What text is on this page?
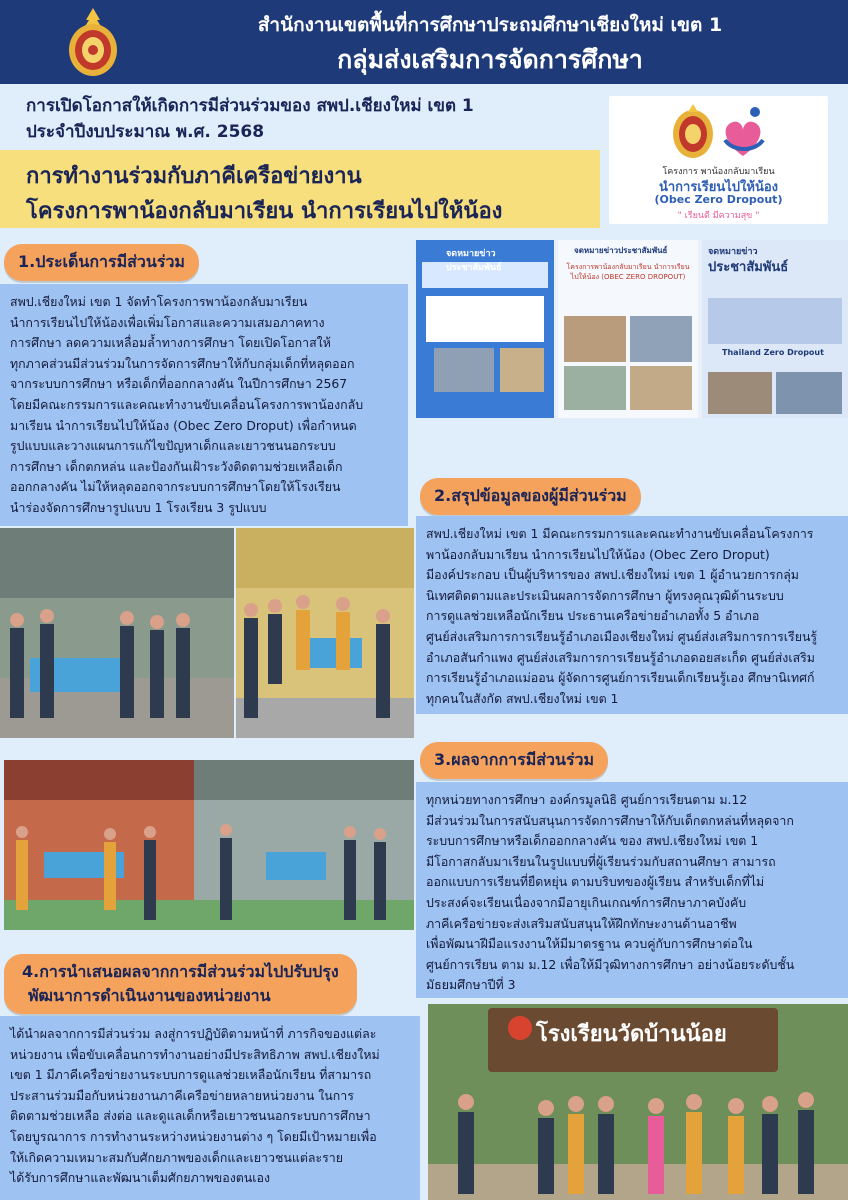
สำนักงานเขตพื้นที่การศึกษาประถมศึกษาเชียงใหม่ เขต 1
กลุ่มส่งเสริมการจัดการศึกษา
การเปิดโอกาสให้เกิดการมีส่วนร่วมของ สพป.เชียงใหม่ เขต 1
ประจำปีงบประมาณ พ.ศ. 2568
การทำงานร่วมกับภาคีเครือข่ายงาน
โครงการพาน้องกลับมาเรียน นำการเรียนไปให้น้อง
โครงการ พาน้องกลับมาเรียน
นำการเรียนไปให้น้อง
(Obec Zero Dropout)
" เรียนดี มีความสุข "
1.ประเด็นการมีส่วนร่วม

สพป.เชียงใหม่ เขต 1 จัดทำโครงการพาน้องกลับมาเรียน
นำการเรียนไปให้น้องเพื่อเพิ่มโอกาสและความเสมอภาคทาง
การศึกษา ลดความเหลื่อมล้ำทางการศึกษา โดยเปิดโอกาสให้
ทุกภาคส่วนมีส่วนร่วมในการจัดการศึกษาให้กับกลุ่มเด็กที่หลุดออก
จากระบบการศึกษา หรือเด็กที่ออกกลางคัน ในปีการศึกษา 2567
โดยมีคณะกรรมการและคณะทำงานขับเคลื่อนโครงการพาน้องกลับ
มาเรียน นำการเรียนไปให้น้อง (Obec Zero Droput) เพื่อกำหนด
รูปแบบและวางแผนการแก้ไขปัญหาเด็กและเยาวชนนอกระบบ
การศึกษา เด็กตกหล่น และป้องกันเฝ้าระวังติดตามช่วยเหลือเด็ก
ออกกลางคัน ไม่ให้หลุดออกจากระบบการศึกษาโดยให้โรงเรียน
นำร่องจัดการศึกษารูปแบบ 1 โรงเรียน 3 รูปแบบ

จดหมายข่าวประชาสัมพันธ์
จดหมายข่าวประชาสัมพันธ์
โครงการพาน้องกลับมาเรียน นำการเรียนไปให้น้อง (OBEC ZERO DROPOUT)
จดหมายข่าว
ประชาสัมพันธ์
Thailand Zero Dropout
2.สรุปข้อมูลของผู้มีส่วนร่วม

สพป.เชียงใหม่ เขต 1 มีคณะกรรมการและคณะทำงานขับเคลื่อนโครงการ
พาน้องกลับมาเรียน นำการเรียนไปให้น้อง (Obec Zero Droput)
มีองค์ประกอบ เป็นผู้บริหารของ สพป.เชียงใหม่ เขต 1 ผู้อำนวยการกลุ่ม
นิเทศติดตามและประเมินผลการจัดการศึกษา ผู้ทรงคุณวุฒิด้านระบบ
การดูแลช่วยเหลือนักเรียน ประธานเครือข่ายอำเภอทั้ง 5 อำเภอ
ศูนย์ส่งเสริมการการเรียนรู้อำเภอเมืองเชียงใหม่ ศูนย์ส่งเสริมการการเรียนรู้
อำเภอสันกำแพง ศูนย์ส่งเสริมการการเรียนรู้อำเภอดอยสะเก็ด ศูนย์ส่งเสริม
การเรียนรู้อำเภอแม่ออน ผู้จัดการศูนย์การเรียนเด็กเรียนรู้เอง ศึกษานิเทศก์
ทุกคนในสังกัด สพป.เชียงใหม่ เขต 1

3.ผลจากการมีส่วนร่วม

ทุกหน่วยทางการศึกษา องค์กรมูลนิธิ ศูนย์การเรียนตาม ม.12
มีส่วนร่วมในการสนับสนุนการจัดการศึกษาให้กับเด็กตกหล่นที่หลุดจาก
ระบบการศึกษาหรือเด็กออกกลางคัน ของ สพป.เชียงใหม่ เขต 1
มีโอกาสกลับมาเรียนในรูปแบบที่ผู้เรียนร่วมกับสถานศึกษา สามารถ
ออกแบบการเรียนที่ยืดหยุ่น ตามบริบทของผู้เรียน สำหรับเด็กที่ไม่
ประสงค์จะเรียนเนื่องจากมีอายุเกินเกณฑ์การศึกษาภาคบังคับ
ภาคีเครือข่ายจะส่งเสริมสนับสนุนให้ฝึกทักษะงานด้านอาชีพ
เพื่อพัฒนาฝีมือแรงงานให้มีมาตรฐาน ควบคู่กับการศึกษาต่อใน
ศูนย์การเรียน ตาม ม.12 เพื่อให้มีวุฒิทางการศึกษา อย่างน้อยระดับชั้น
มัธยมศึกษาปีที่ 3

4.การนำเสนอผลจากการมีส่วนร่วมไปปรับปรุง
พัฒนาการดำเนินงานของหน่วยงาน

ได้นำผลจากการมีส่วนร่วม ลงสู่การปฏิบัติตามหน้าที่ ภารกิจของแต่ละ
หน่วยงาน เพื่อขับเคลื่อนการทำงานอย่างมีประสิทธิภาพ สพป.เชียงใหม่
เขต 1 มีภาคีเครือข่ายงานระบบการดูแลช่วยเหลือนักเรียน ที่สามารถ
ประสานร่วมมือกับหน่วยงานภาคีเครือข่ายหลายหน่วยงาน ในการ
ติดตามช่วยเหลือ ส่งต่อ และดูแลเด็กหรือเยาวชนนอกระบบการศึกษา
โดยบูรณาการ การทำงานระหว่างหน่วยงานต่าง ๆ โดยมีเป้าหมายเพื่อ
ให้เกิดความเหมาะสมกับศักยภาพของเด็กและเยาวชนแต่ละราย
ได้รับการศึกษาและพัฒนาเต็มศักยภาพของตนเอง

โรงเรียนวัดบ้านน้อย
